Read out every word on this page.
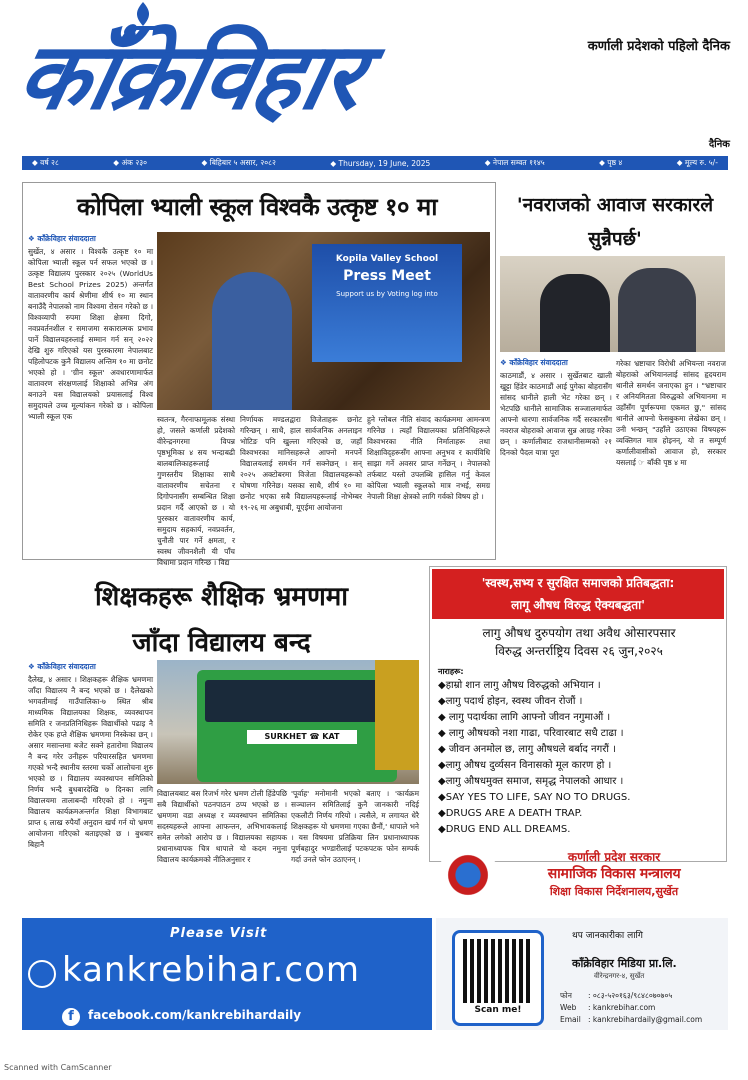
कांँक्रेविहार	कर्णाली प्रदेशको पहिलो दैनिक
दैनिक
◆ वर्ष २८	◆ अंक २३०	◆ बिहिबार ५ असार, २०८२	◆ Thursday, 19 June, 2025	◆ नेपाल सम्वत ११४५	◆ पृष्ठ ४	◆ मूल्य रु. ५/-
कोपिला भ्याली स्कूल विश्वकै उत्कृष्ट १० मा
❖ कांँक्रेविहार संवाददाता
सुर्खेत, ४ असार । विश्वकै उत्कृष्ट १० मा कोपिला भ्याली स्कूल पर्न सफल भएको छ । उत्कृष्ट विद्यालय पुरस्कार २०२५ (WorldUs Best School Prizes 2025) अन्तर्गत वातावरणीय कार्य श्रेणीमा शीर्ष १० मा स्थान बनाउँदै नेपालको नाम विश्वमा रोसन गरेको छ । विश्वव्यापी रुपमा शिक्षा क्षेत्रमा दिगो, नवप्रवर्तनशील र समाजमा सकारात्मक प्रभाव पार्ने विद्यालयहरुलाई सम्मान गर्न सन् २०२२ देखि शुरु गरिएको यस पुरस्कारमा नेपालबाट पहिलोपटक कुनै विद्यालय अन्तिम १० मा छनोट भएको हो । 'ग्रीन स्कूल' अवधारणामार्फत वातावरण संरक्षणलाई शिक्षाको अभिन्न अंग बनाउने यस विद्यालयको प्रयासलाई विश्व समुदायले उच्च मूल्यांकन गरेको छ । कोपिला भ्याली स्कूल एक
Kopila Valley School
Press Meet
Support us by Voting log into
स्वतन्त्र, गैरनाफामूलक संस्था हो, जसले कर्णाली प्रदेशको वीरेन्द्रनगरमा विपन्न पृष्ठभूमिका ४ सय भन्दाबढी बालबालिकाहरूलाई गुणस्तरीय शिक्षाका साथै वातावरणीय सचेतना र दिगोपनासँग सम्बन्धित शिक्षा प्रदान गर्दै आएको छ । यो पुरस्कार वातावरणीय कार्य, समुदाय सहकार्य, नवप्रवर्तन, चुनौती पार गर्ने क्षमता, र स्वस्थ जीवनशैली यी पाँच विधामा प्रदान गरिन्छ । विद्य
निर्णायक मण्डलद्वारा विजेताहरू छनोट गरिन्छन् । साथै, हाल सार्वजनिक अनलाइन भोटिङ पनि खुल्ला गरिएको छ, जहाँ विश्वभरका मानिसहरूले आफ्नो मनपर्ने विद्यालयलाई समर्थन गर्न सक्नेछन् । सन् २०२५ अक्टोबरमा विजेता विद्यालयहरूको घोषणा गरिनेछ। यसका साथै, शीर्ष १० मा छनोट भएका सबै विद्यालयहरूलाई नोभेम्बर १९-२६ मा अबुधाबी, यूएईमा आयोजना
हुने ग्लोबल नीति संवाद कार्यक्रममा आमन्त्रण गरिनेछ । त्यहाँ विद्यालयका प्रतिनिधिहरूले विश्वभरका नीति निर्माताहरू तथा शिक्षाविद्हरूसँग आफ्ना अनुभव र कार्यविधि साझा गर्ने अवसर प्राप्त गर्नेछन् । नेपालको तर्फबाट यस्तो उपलब्धि हासिल गर्नु केवल कोपिला भ्याली स्कूलको मात्र नभई, समग्र नेपाली शिक्षा क्षेत्रको लागि गर्वको विषय हो ।
'नवराजको आवाज सरकारले सुन्नैपर्छ'
❖ कांँक्रेविहार संवाददाता
काठमाडौं, ४ असार । सुर्खेतबाट खाली खुट्टा हिंडेर काठमाडौं आई पुगेका बोहरासँग सांसद धानीले हाली भेट गरेका छन् । भेटपछि धानीले सामाजिक सञ्जालमार्फत आफ्नो धारणा सार्वजनिक गर्दै सरकारसँग नवराज बोहराको आवाज सुन्न आग्रह गरेका छन् । कर्णालीबाट राजधानीसम्मको २१ दिनको पैदल यात्रा पूरा
गरेका भ्रष्टाचार विरोधी अभियन्ता नवराज बोहराको अभियानलाई सांसद हृदयराम थानीले समर्थन जनाएका हुन । "भ्रष्टाचार र अनियमितता विरुद्धको अभियानमा म उहाँसँग पूर्णरूपमा एकमत छु," सांसद थानीले आफ्नो फेसबुकमा लेखेका छन् । उनी भन्छन् "उहाँले उठाएका विषयहरू व्यक्तिगत मात्र होइनन्, यो त सम्पूर्ण कर्णालीवासीको आवाज हो, सरकार यसलाई ☞ बाँकी पृष्ठ ४ मा
शिक्षकहरू शैक्षिक भ्रमणमा
जाँदा विद्यालय बन्द
❖ कांँक्रेविहार संवाददाता
दैलेख, ४ असार । शिक्षकहरू शैक्षिक भ्रमणमा जाँदा विद्यालय नै बन्द भएको छ । दैलेखको भगवतीमाई गाउँपालिका-७ स्थित श्रीब माध्यमिक विद्यालयका शिक्षक, व्यवस्थापन समिति र जनप्रतिनिधिहरू विद्यार्थीको पढाइ नै रोकेर एक हप्ते शैक्षिक भ्रमणमा निस्केका छन् । असार मसान्तमा बजेट सक्ने हतारोमा विद्यालय नै बन्द गरेर उनीहरू परियारसहित भ्रमणमा गएको भन्दै स्थानीय स्तरमा चर्को आलोचना शुरु भएको छ । विद्यालय व्यवस्थापन समितिको निर्णय भन्दै बुधबारदेखि ७ दिनका लागि विद्यालयमा तालाबन्दी गरिएको हो । नमुना विद्यालय कार्यक्रमअन्तर्गत शिक्षा विभागबाट प्राप्त ६ लाख रुपैयाँ अनुदान खर्च गर्न यो भ्रमण आयोजना गरिएको बताइएको छ । बुधबार बिहानै
SURKHET ☎ KAT
विद्यालयबाट बस रिजर्भ गरेर भ्रमण टोली हिंडेपछि सबै विद्यार्थीको पठनपाठन ठप्प भएको छ । भ्रमणमा वडा अध्यक्ष र व्यवस्थापन समितिका सदस्यहरूले आफ्ना आफन्तन, अभिभावकलाई समेत लगेको आरोप छ । विद्यालयका सहायक प्रधानाध्यापक चित्र थापाले यो कदम नमुना विद्यालय कार्यक्रमको नीतिअनुसार र
'पूर्वाह' मनोमानी भएको बताए । 'कार्यक्रम सञ्चालन समितिलाई कुनै जानकारी नदिई एकलौटी निर्णय गरियो । त्यसैले, म लगायत धेरै शिक्षकहरू यो भ्रमणमा गएका छैनौं,' थापाले भने । यस विषयमा प्रतिक्रिया लिन प्रधानाध्यापक पूर्णबहादुर भण्डारीलाई पटकपटक फोन सम्पर्क गर्दा उनले फोन उठाएनन् ।
'स्वस्थ,सभ्य र सुरक्षित समाजको प्रतिबद्धता:
लागू औषध विरुद्ध ऐक्यबद्धता'
लागु औषध दुरुपयोग तथा अवैध ओसारपसार
विरुद्ध अन्तर्राष्ट्रिय दिवस २६ जुन,२०२५
नाराहरू:
◆हाम्रो शान लागु औषध विरुद्धको अभियान ।
◆लागु पदार्थ होइन, स्वस्थ जीवन रोजौं ।
◆ लागु पदार्थका लागि आफ्नो जीवन नगुमाऔं ।
◆ लागु औषधको नशा गाढा, परिवारबाट सधै टाढा ।
◆ जीवन अनमोल छ, लागु औषधले बर्बाद नगरौं ।
◆लागु औषध दुर्व्यसन विनासको मूल कारण हो ।
◆लागु औषधमुक्त समाज, समृद्ध नेपालको आधार ।
◆SAY YES TO LIFE, SAY NO TO DRUGS.
◆DRUGS ARE A DEATH TRAP.
◆DRUG END ALL DREAMS.
कर्णाली प्रदेश सरकार
सामाजिक विकास मन्त्रालय
शिक्षा विकास निर्देशनालय,सुर्खेत
Please Visit
kankrebihar.com
f	facebook.com/kankrebihardaily	Scan me!
थप जानकारीका लागि
काँक्रेविहार मिडिया प्रा.लि.
वीरेन्द्रनगर-४, सुर्खेत
फोन : ०८३-५२०१६३/९८४८०७०७०५
Web : kankrebihar.com
Email : kankrebihardaily@gmail.com
Scanned with CamScanner
